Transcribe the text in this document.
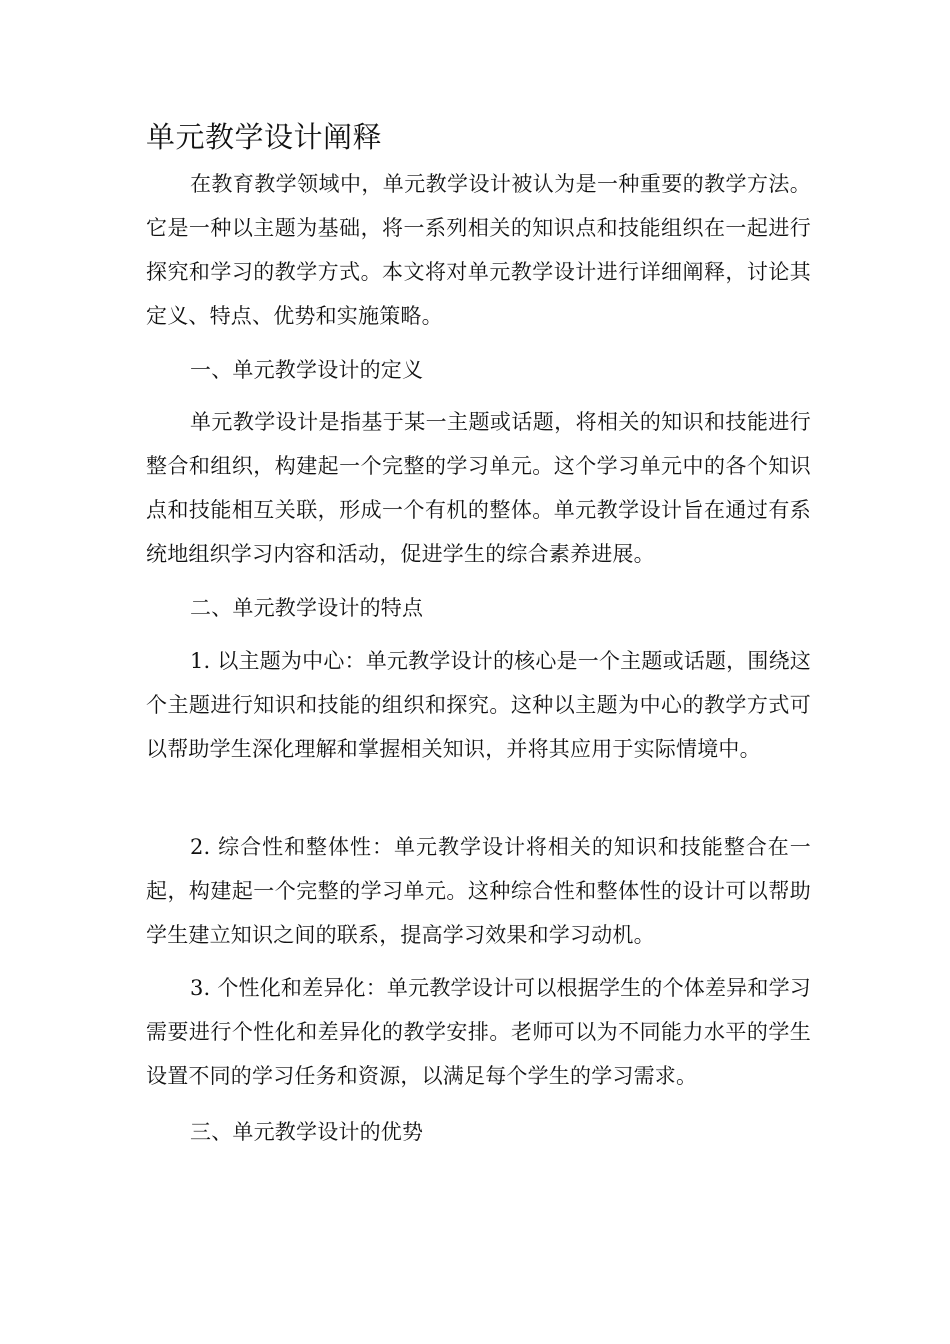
单元教学设计阐释

在教育教学领域中，单元教学设计被认为是一种重要的教学方法。它是一种以主题为基础，将一系列相关的知识点和技能组织在一起进行探究和学习的教学方式。本文将对单元教学设计进行详细阐释，讨论其定义、特点、优势和实施策略。

一、单元教学设计的定义

单元教学设计是指基于某一主题或话题，将相关的知识和技能进行整合和组织，构建起一个完整的学习单元。这个学习单元中的各个知识点和技能相互关联，形成一个有机的整体。单元教学设计旨在通过有系统地组织学习内容和活动，促进学生的综合素养进展。

二、单元教学设计的特点

1. 以主题为中心：单元教学设计的核心是一个主题或话题，围绕这个主题进行知识和技能的组织和探究。这种以主题为中心的教学方式可以帮助学生深化理解和掌握相关知识，并将其应用于实际情境中。

2. 综合性和整体性：单元教学设计将相关的知识和技能整合在一起，构建起一个完整的学习单元。这种综合性和整体性的设计可以帮助学生建立知识之间的联系，提高学习效果和学习动机。

3. 个性化和差异化：单元教学设计可以根据学生的个体差异和学习需要进行个性化和差异化的教学安排。老师可以为不同能力水平的学生设置不同的学习任务和资源，以满足每个学生的学习需求。

三、单元教学设计的优势
